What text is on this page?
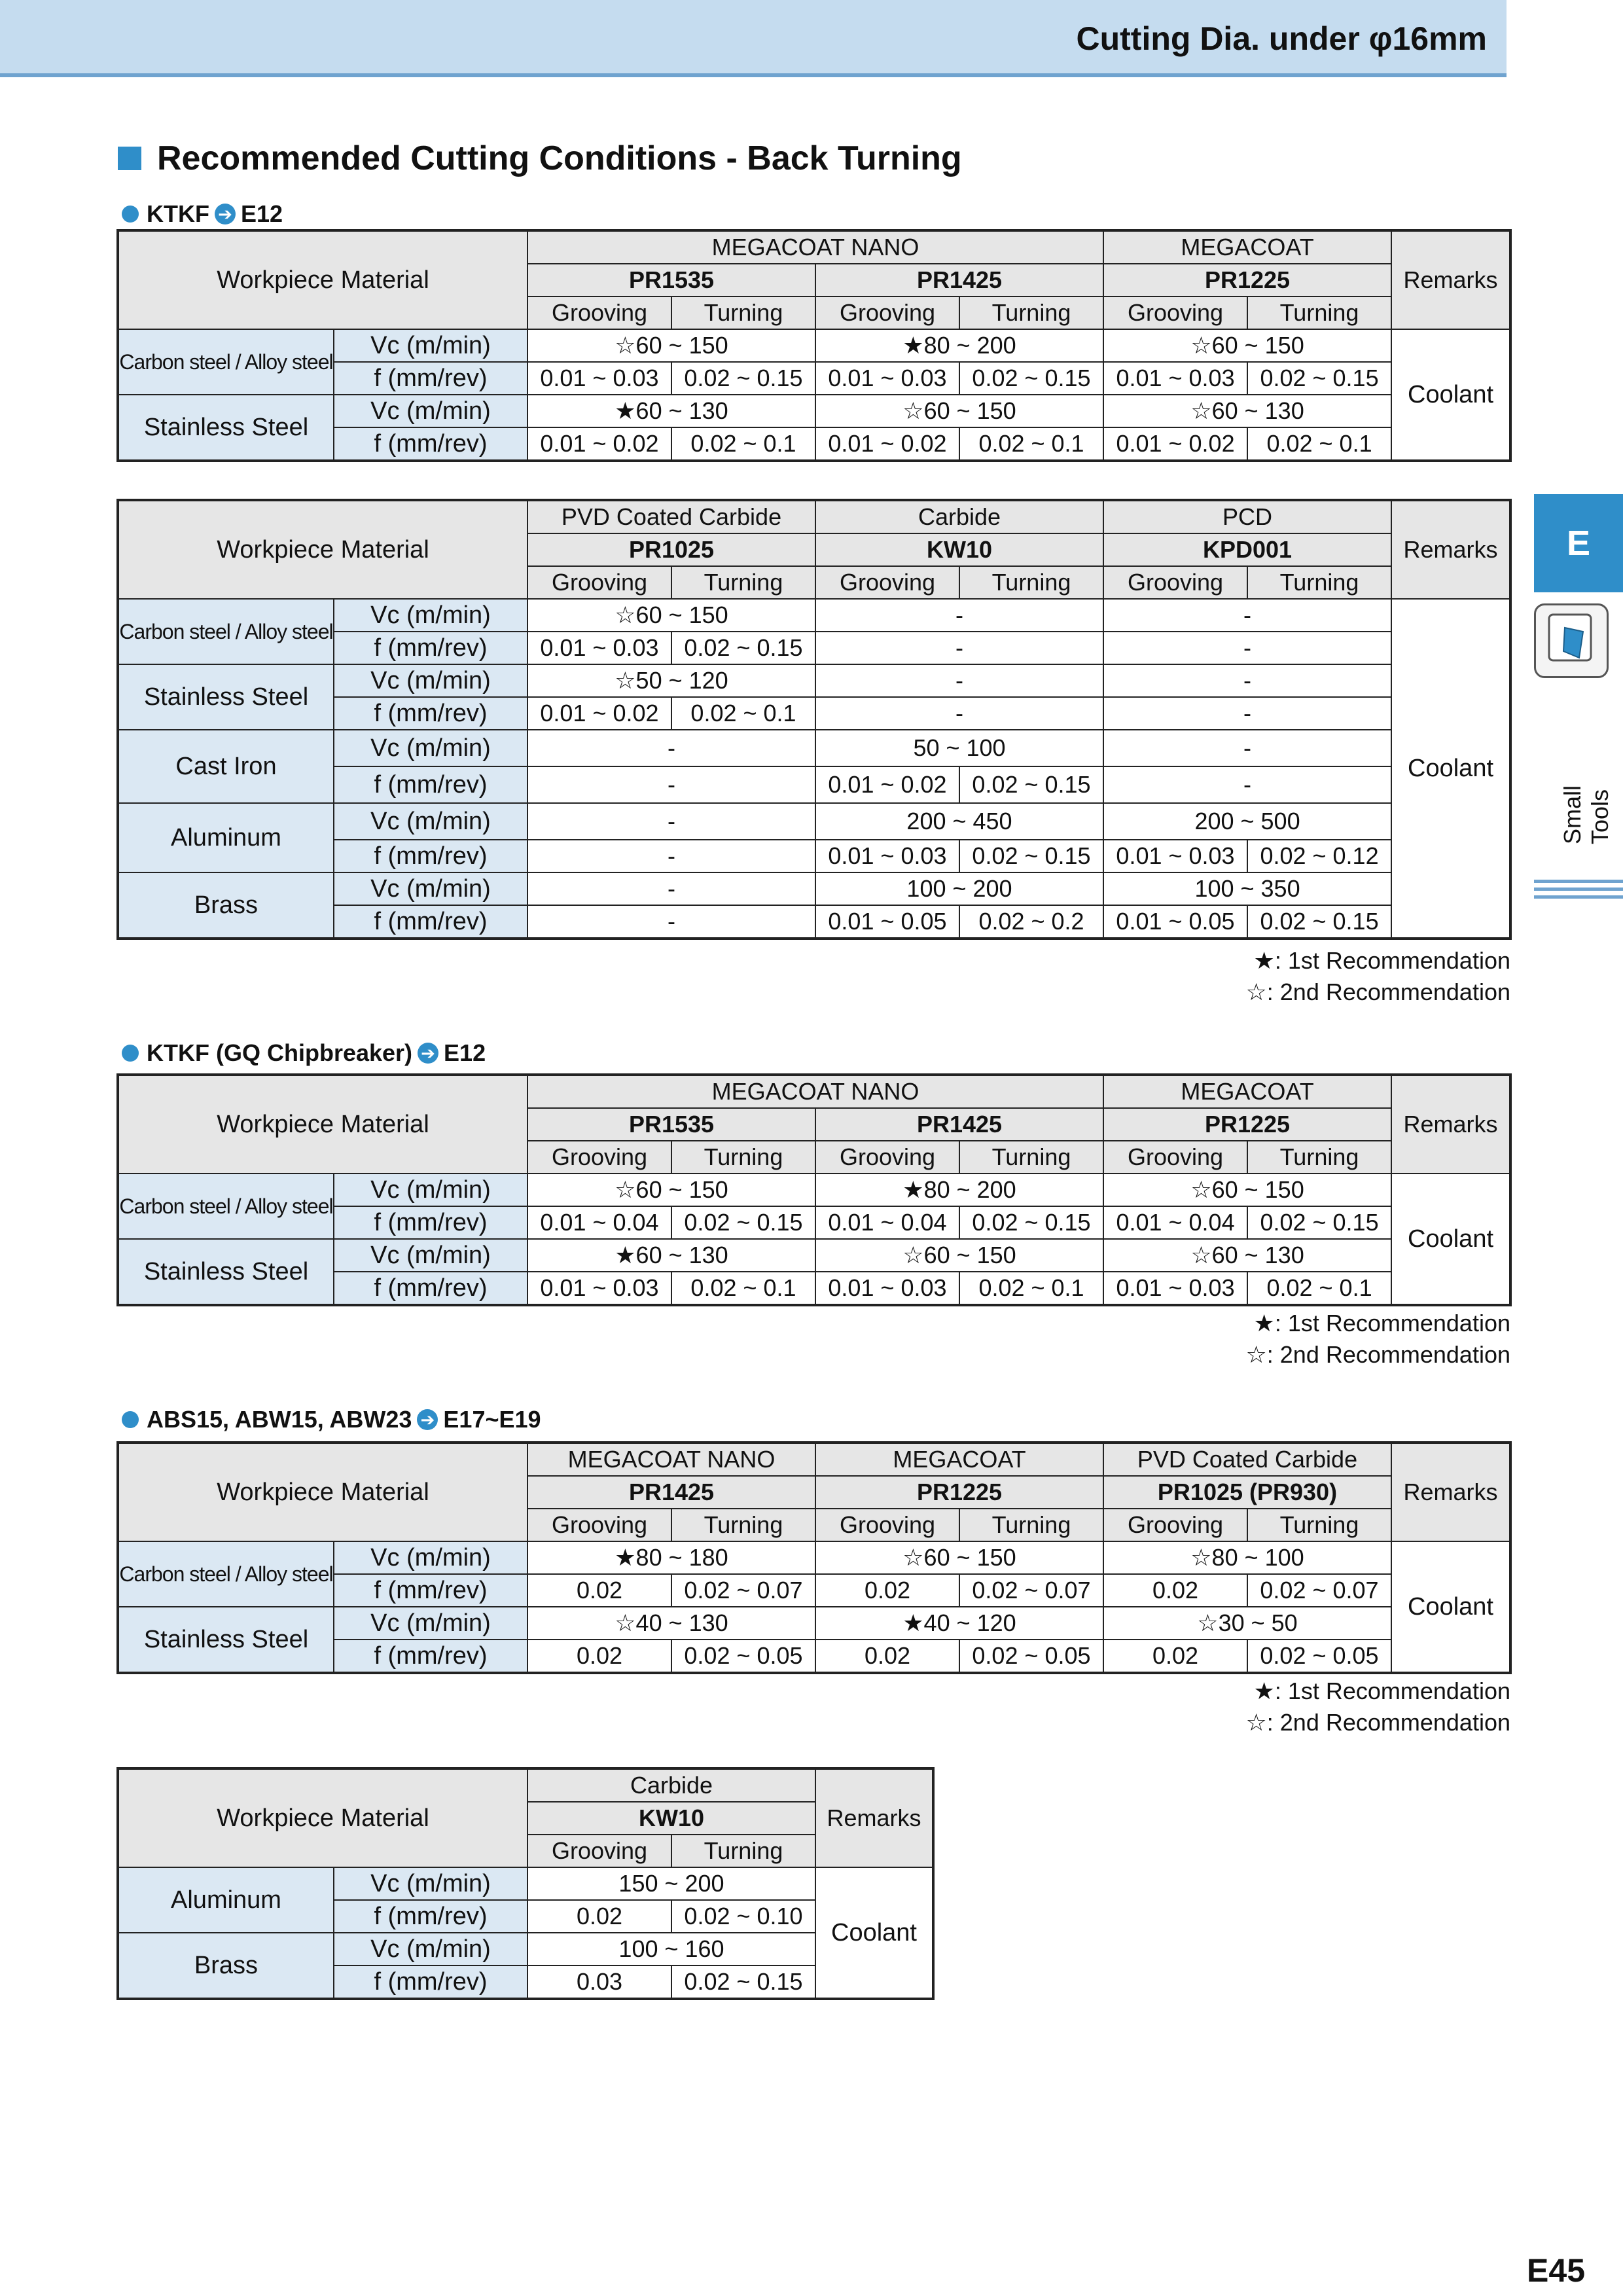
Cutting Dia. under φ16mm
Recommended Cutting Conditions - Back Turning
KTKF ➔ E12
Workpiece Material		MEGACOAT NANO				MEGACOAT		Remarks
		PR1535		PR1425		PR1225		
		Grooving	Turning	Grooving	Turning	Grooving	Turning	
Carbon steel / Alloy steel	Vc (m/min)	☆60 ~ 150		★80 ~ 200		☆60 ~ 150		Coolant
	f (mm/rev)	0.01 ~ 0.03	0.02 ~ 0.15	0.01 ~ 0.03	0.02 ~ 0.15	0.01 ~ 0.03	0.02 ~ 0.15	
Stainless Steel	Vc (m/min)	★60 ~ 130		☆60 ~ 150		☆60 ~ 130		
	f (mm/rev)	0.01 ~ 0.02	0.02 ~ 0.1	0.01 ~ 0.02	0.02 ~ 0.1	0.01 ~ 0.02	0.02 ~ 0.1	
Workpiece Material		PVD Coated Carbide		Carbide		PCD		Remarks
		PR1025		KW10		KPD001		
		Grooving	Turning	Grooving	Turning	Grooving	Turning	
Carbon steel / Alloy steel	Vc (m/min)	☆60 ~ 150		-		-		Coolant
	f (mm/rev)	0.01 ~ 0.03	0.02 ~ 0.15	-		-		
Stainless Steel	Vc (m/min)	☆50 ~ 120		-		-		
	f (mm/rev)	0.01 ~ 0.02	0.02 ~ 0.1	-		-		
Cast Iron	Vc (m/min)	-		50 ~ 100		-		
	f (mm/rev)	-		0.01 ~ 0.02	0.02 ~ 0.15	-		
Aluminum	Vc (m/min)	-		200 ~ 450		200 ~ 500		
	f (mm/rev)	-		0.01 ~ 0.03	0.02 ~ 0.15	0.01 ~ 0.03	0.02 ~ 0.12	
Brass	Vc (m/min)	-		100 ~ 200		100 ~ 350		
	f (mm/rev)	-		0.01 ~ 0.05	0.02 ~ 0.2	0.01 ~ 0.05	0.02 ~ 0.15	
★: 1st Recommendation
☆: 2nd Recommendation
KTKF (GQ Chipbreaker) ➔ E12
Workpiece Material		MEGACOAT NANO				MEGACOAT		Remarks
		PR1535		PR1425		PR1225		
		Grooving	Turning	Grooving	Turning	Grooving	Turning	
Carbon steel / Alloy steel	Vc (m/min)	☆60 ~ 150		★80 ~ 200		☆60 ~ 150		Coolant
	f (mm/rev)	0.01 ~ 0.04	0.02 ~ 0.15	0.01 ~ 0.04	0.02 ~ 0.15	0.01 ~ 0.04	0.02 ~ 0.15	
Stainless Steel	Vc (m/min)	★60 ~ 130		☆60 ~ 150		☆60 ~ 130		
	f (mm/rev)	0.01 ~ 0.03	0.02 ~ 0.1	0.01 ~ 0.03	0.02 ~ 0.1	0.01 ~ 0.03	0.02 ~ 0.1	
★: 1st Recommendation
☆: 2nd Recommendation
ABS15, ABW15, ABW23 ➔ E17~E19
Workpiece Material		MEGACOAT NANO		MEGACOAT		PVD Coated Carbide		Remarks
		PR1425		PR1225		PR1025 (PR930)		
		Grooving	Turning	Grooving	Turning	Grooving	Turning	
Carbon steel / Alloy steel	Vc (m/min)	★80 ~ 180		☆60 ~ 150		☆80 ~ 100		Coolant
	f (mm/rev)	0.02	0.02 ~ 0.07	0.02	0.02 ~ 0.07	0.02	0.02 ~ 0.07	
Stainless Steel	Vc (m/min)	☆40 ~ 130		★40 ~ 120		☆30 ~ 50		
	f (mm/rev)	0.02	0.02 ~ 0.05	0.02	0.02 ~ 0.05	0.02	0.02 ~ 0.05	
★: 1st Recommendation
☆: 2nd Recommendation
Workpiece Material		Carbide		Remarks
		KW10		
		Grooving	Turning	
Aluminum	Vc (m/min)	150 ~ 200		Coolant
	f (mm/rev)	0.02	0.02 ~ 0.10	
Brass	Vc (m/min)	100 ~ 160		
	f (mm/rev)	0.03	0.02 ~ 0.15	
E
Small Tools
E45
